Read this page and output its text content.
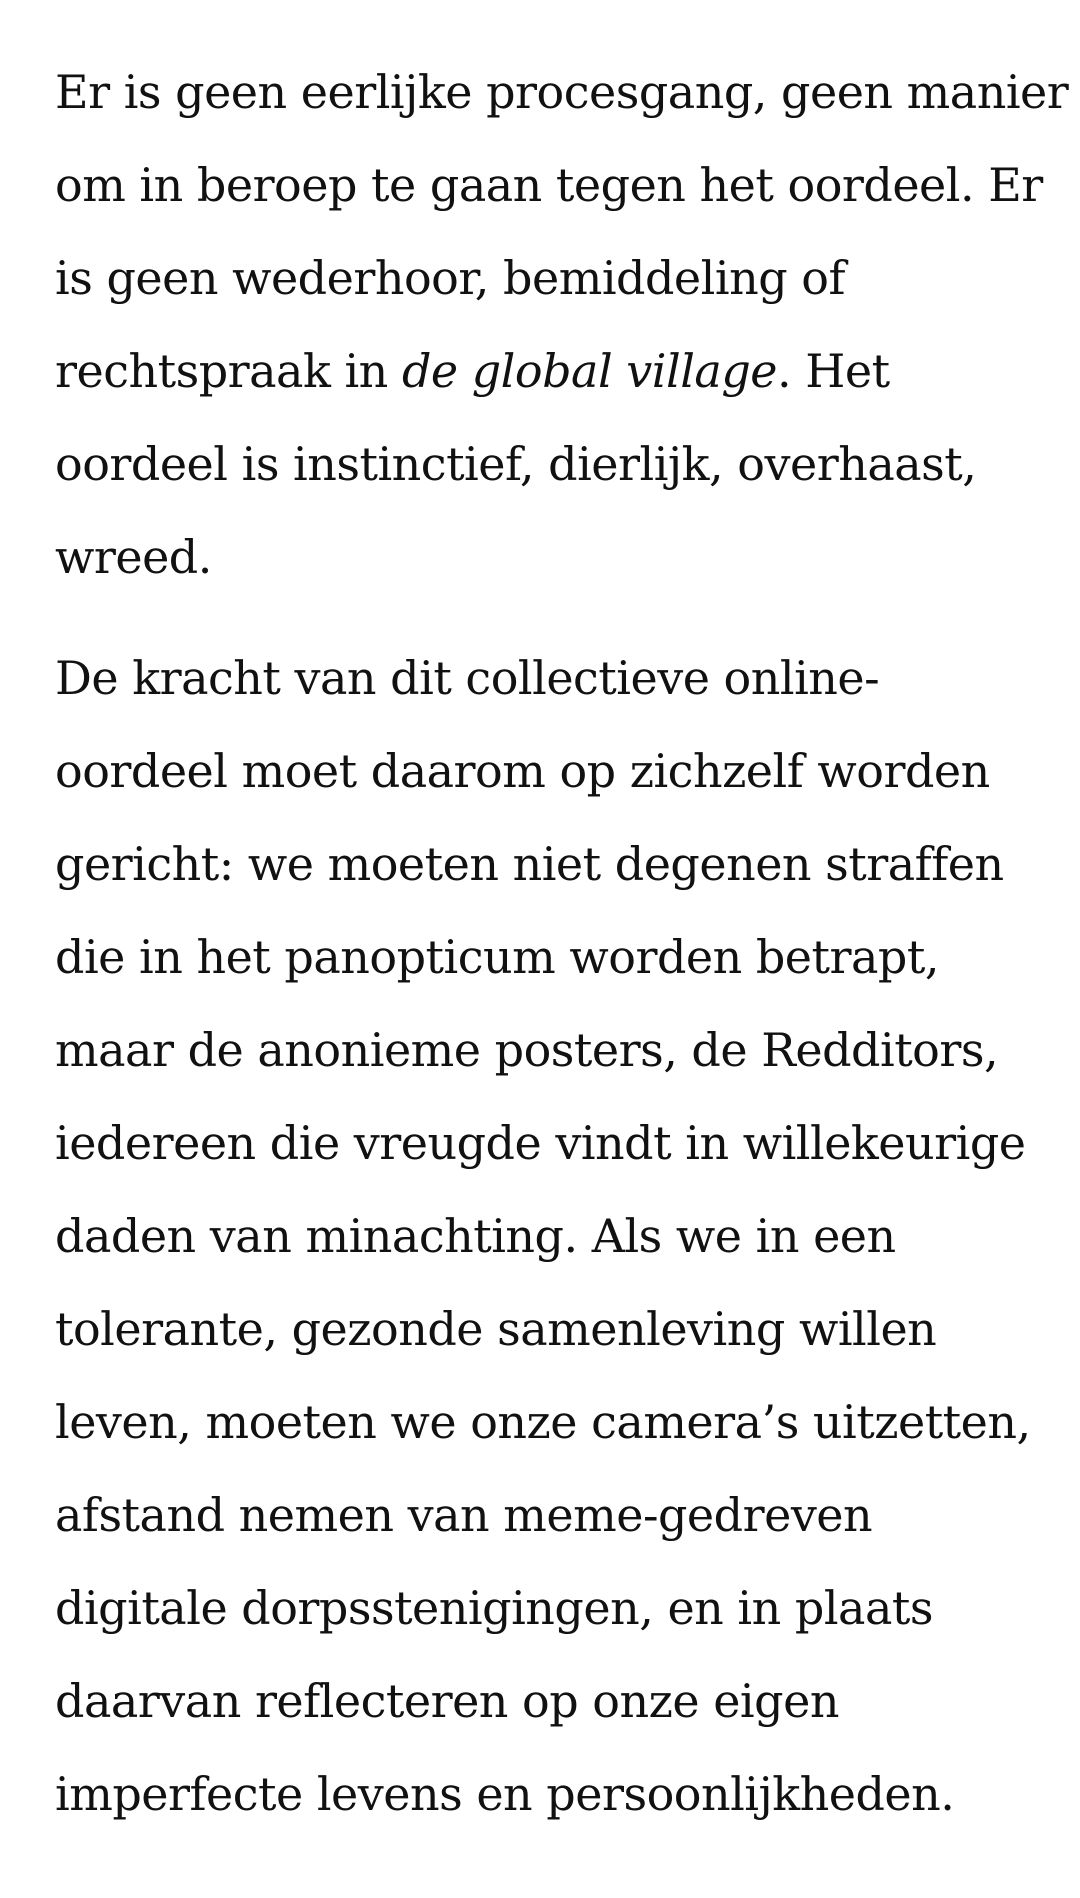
Er is geen eerlijke procesgang, geen manier
om in beroep te gaan tegen het oordeel. Er
is geen wederhoor, bemiddeling of
rechtspraak in de global village. Het
oordeel is instinctief, dierlijk, overhaast,
wreed.

De kracht van dit collectieve online-
oordeel moet daarom op zichzelf worden
gericht: we moeten niet degenen straffen
die in het panopticum worden betrapt,
maar de anonieme posters, de Redditors,
iedereen die vreugde vindt in willekeurige
daden van minachting. Als we in een
tolerante, gezonde samenleving willen
leven, moeten we onze camera’s uitzetten,
afstand nemen van meme-gedreven
digitale dorpsstenigingen, en in plaats
daarvan reflecteren op onze eigen
imperfecte levens en persoonlijkheden.
